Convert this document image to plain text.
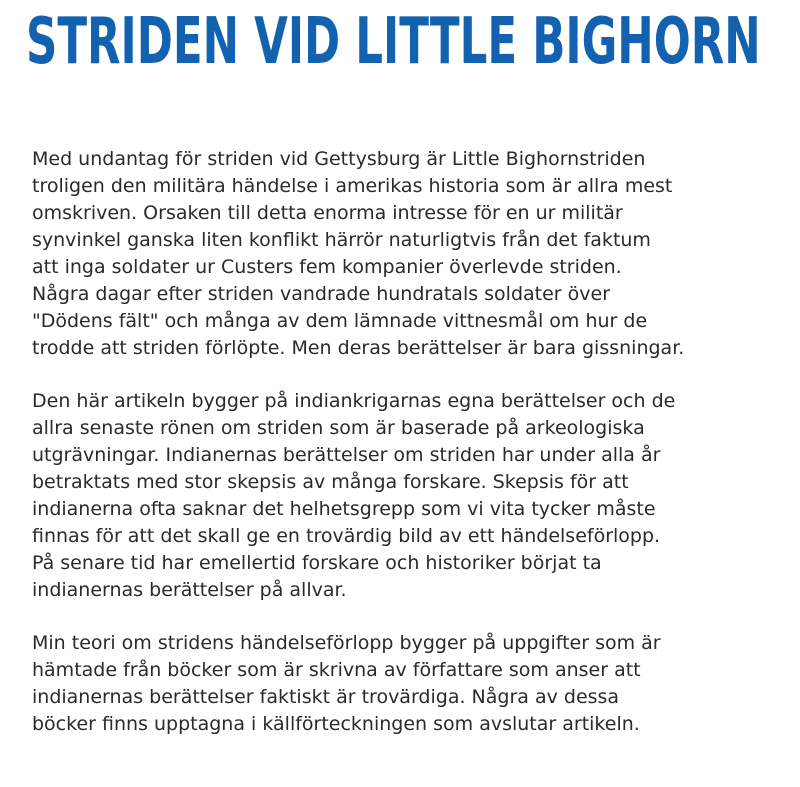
STRIDEN VID LITTLE BIGHORN

Med undantag för striden vid Gettysburg är Little Bighornstriden
troligen den militära händelse i amerikas historia som är allra mest
omskriven. Orsaken till detta enorma intresse för en ur militär
synvinkel ganska liten konflikt härrör naturligtvis från det faktum
att inga soldater ur Custers fem kompanier överlevde striden.
Några dagar efter striden vandrade hundratals soldater över
"Dödens fält" och många av dem lämnade vittnesmål om hur de
trodde att striden förlöpte. Men deras berättelser är bara gissningar.

Den här artikeln bygger på indiankrigarnas egna berättelser och de
allra senaste rönen om striden som är baserade på arkeologiska
utgrävningar. Indianernas berättelser om striden har under alla år
betraktats med stor skepsis av många forskare. Skepsis för att
indianerna ofta saknar det helhetsgrepp som vi vita tycker måste
finnas för att det skall ge en trovärdig bild av ett händelseförlopp.
På senare tid har emellertid forskare och historiker börjat ta
indianernas berättelser på allvar.

Min teori om stridens händelseförlopp bygger på uppgifter som är
hämtade från böcker som är skrivna av författare som anser att
indianernas berättelser faktiskt är trovärdiga. Några av dessa
böcker finns upptagna i källförteckningen som avslutar artikeln.
